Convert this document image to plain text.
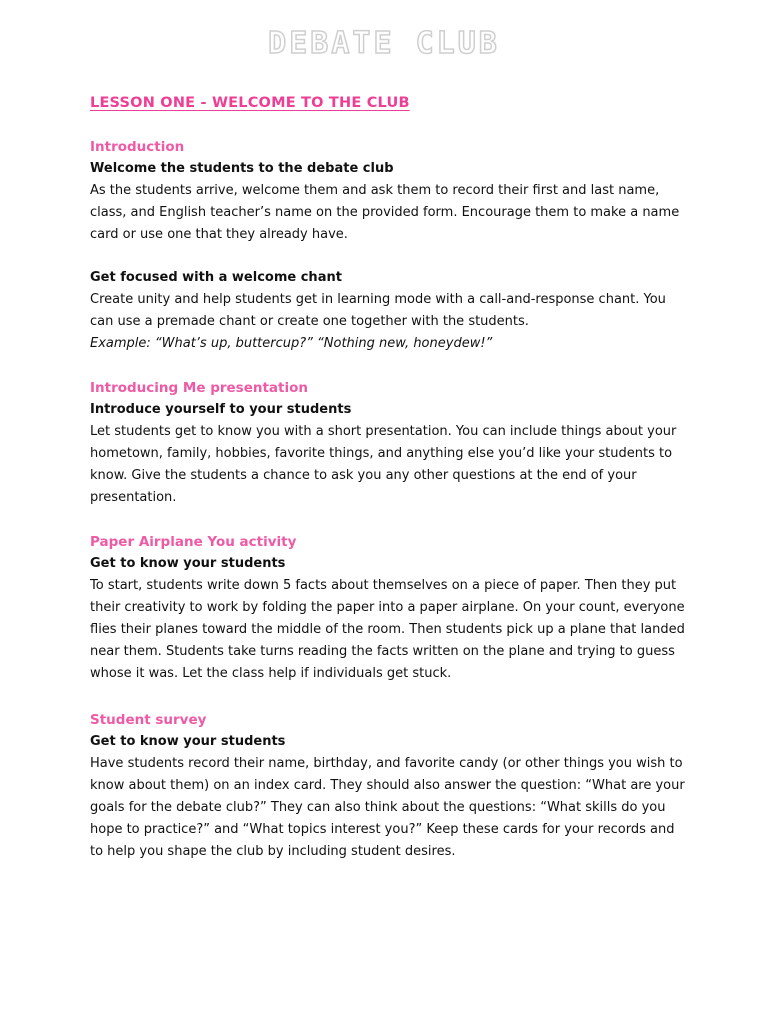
DEBATE CLUB

LESSON ONE - WELCOME TO THE CLUB

Introduction

Welcome the students to the debate club

As the students arrive, welcome them and ask them to record their first and last name, class, and English teacher’s name on the provided form. Encourage them to make a name card or use one that they already have.

Get focused with a welcome chant

Create unity and help students get in learning mode with a call-and-response chant. You can use a premade chant or create one together with the students.

Example: “What’s up, buttercup?” “Nothing new, honeydew!”

Introducing Me presentation

Introduce yourself to your students

Let students get to know you with a short presentation. You can include things about your hometown, family, hobbies, favorite things, and anything else you’d like your students to know. Give the students a chance to ask you any other questions at the end of your presentation.

Paper Airplane You activity

Get to know your students

To start, students write down 5 facts about themselves on a piece of paper. Then they put their creativity to work by folding the paper into a paper airplane. On your count, everyone flies their planes toward the middle of the room. Then students pick up a plane that landed near them. Students take turns reading the facts written on the plane and trying to guess whose it was. Let the class help if individuals get stuck.

Student survey

Get to know your students

Have students record their name, birthday, and favorite candy (or other things you wish to know about them) on an index card. They should also answer the question: “What are your goals for the debate club?” They can also think about the questions: “What skills do you hope to practice?” and “What topics interest you?” Keep these cards for your records and to help you shape the club by including student desires.
